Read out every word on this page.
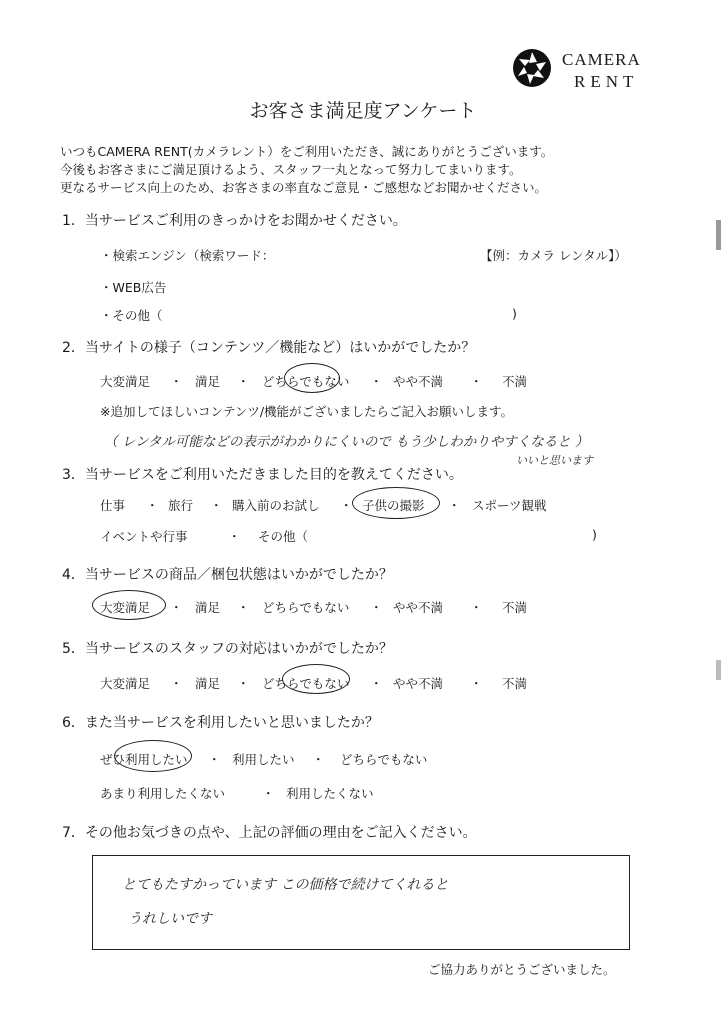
CAMERA
RENT
お客さま満足度アンケート
いつもCAMERA RENT(カメラレント）をご利用いただき、誠にありがとうございます。
今後もお客さまにご満足頂けるよう、スタッフ一丸となって努力してまいります。
更なるサービス向上のため、お客さまの率直なご意見・ご感想などお聞かせください。
1．当サービスご利用のきっかけをお聞かせください。
・検索エンジン（検索ワード：	【例：カメラ レンタル】）
・WEB広告
・その他（	)
2．当サイトの様子（コンテンツ／機能など）はいかがでしたか？
大変満足 ・ 満足 ・ どちらでもない ・ やや不満 ・ 不満
※追加してほしいコンテンツ/機能がございましたらご記入お願いします。
（ レンタル可能などの表示がわかりにくいので もう少しわかりやすくなると ）
いいと思います
3．当サービスをご利用いただきました目的を教えてください。
仕事 ・ 旅行 ・ 購入前のお試し ・ 子供の撮影 ・ スポーツ観戦
イベントや行事	・ その他（	)
4．当サービスの商品／梱包状態はいかがでしたか？
大変満足 ・ 満足 ・ どちらでもない ・ やや不満 ・ 不満
5．当サービスのスタッフの対応はいかがでしたか？
大変満足 ・ 満足 ・ どちらでもない ・ やや不満 ・ 不満
6．また当サービスを利用したいと思いましたか？
ぜひ利用したい ・ 利用したい ・ どちらでもない
あまり利用したくない	・ 利用したくない
7．その他お気づきの点や、上記の評価の理由をご記入ください。
とてもたすかっています この価格で続けてくれると
うれしいです
ご協力ありがとうございました。
